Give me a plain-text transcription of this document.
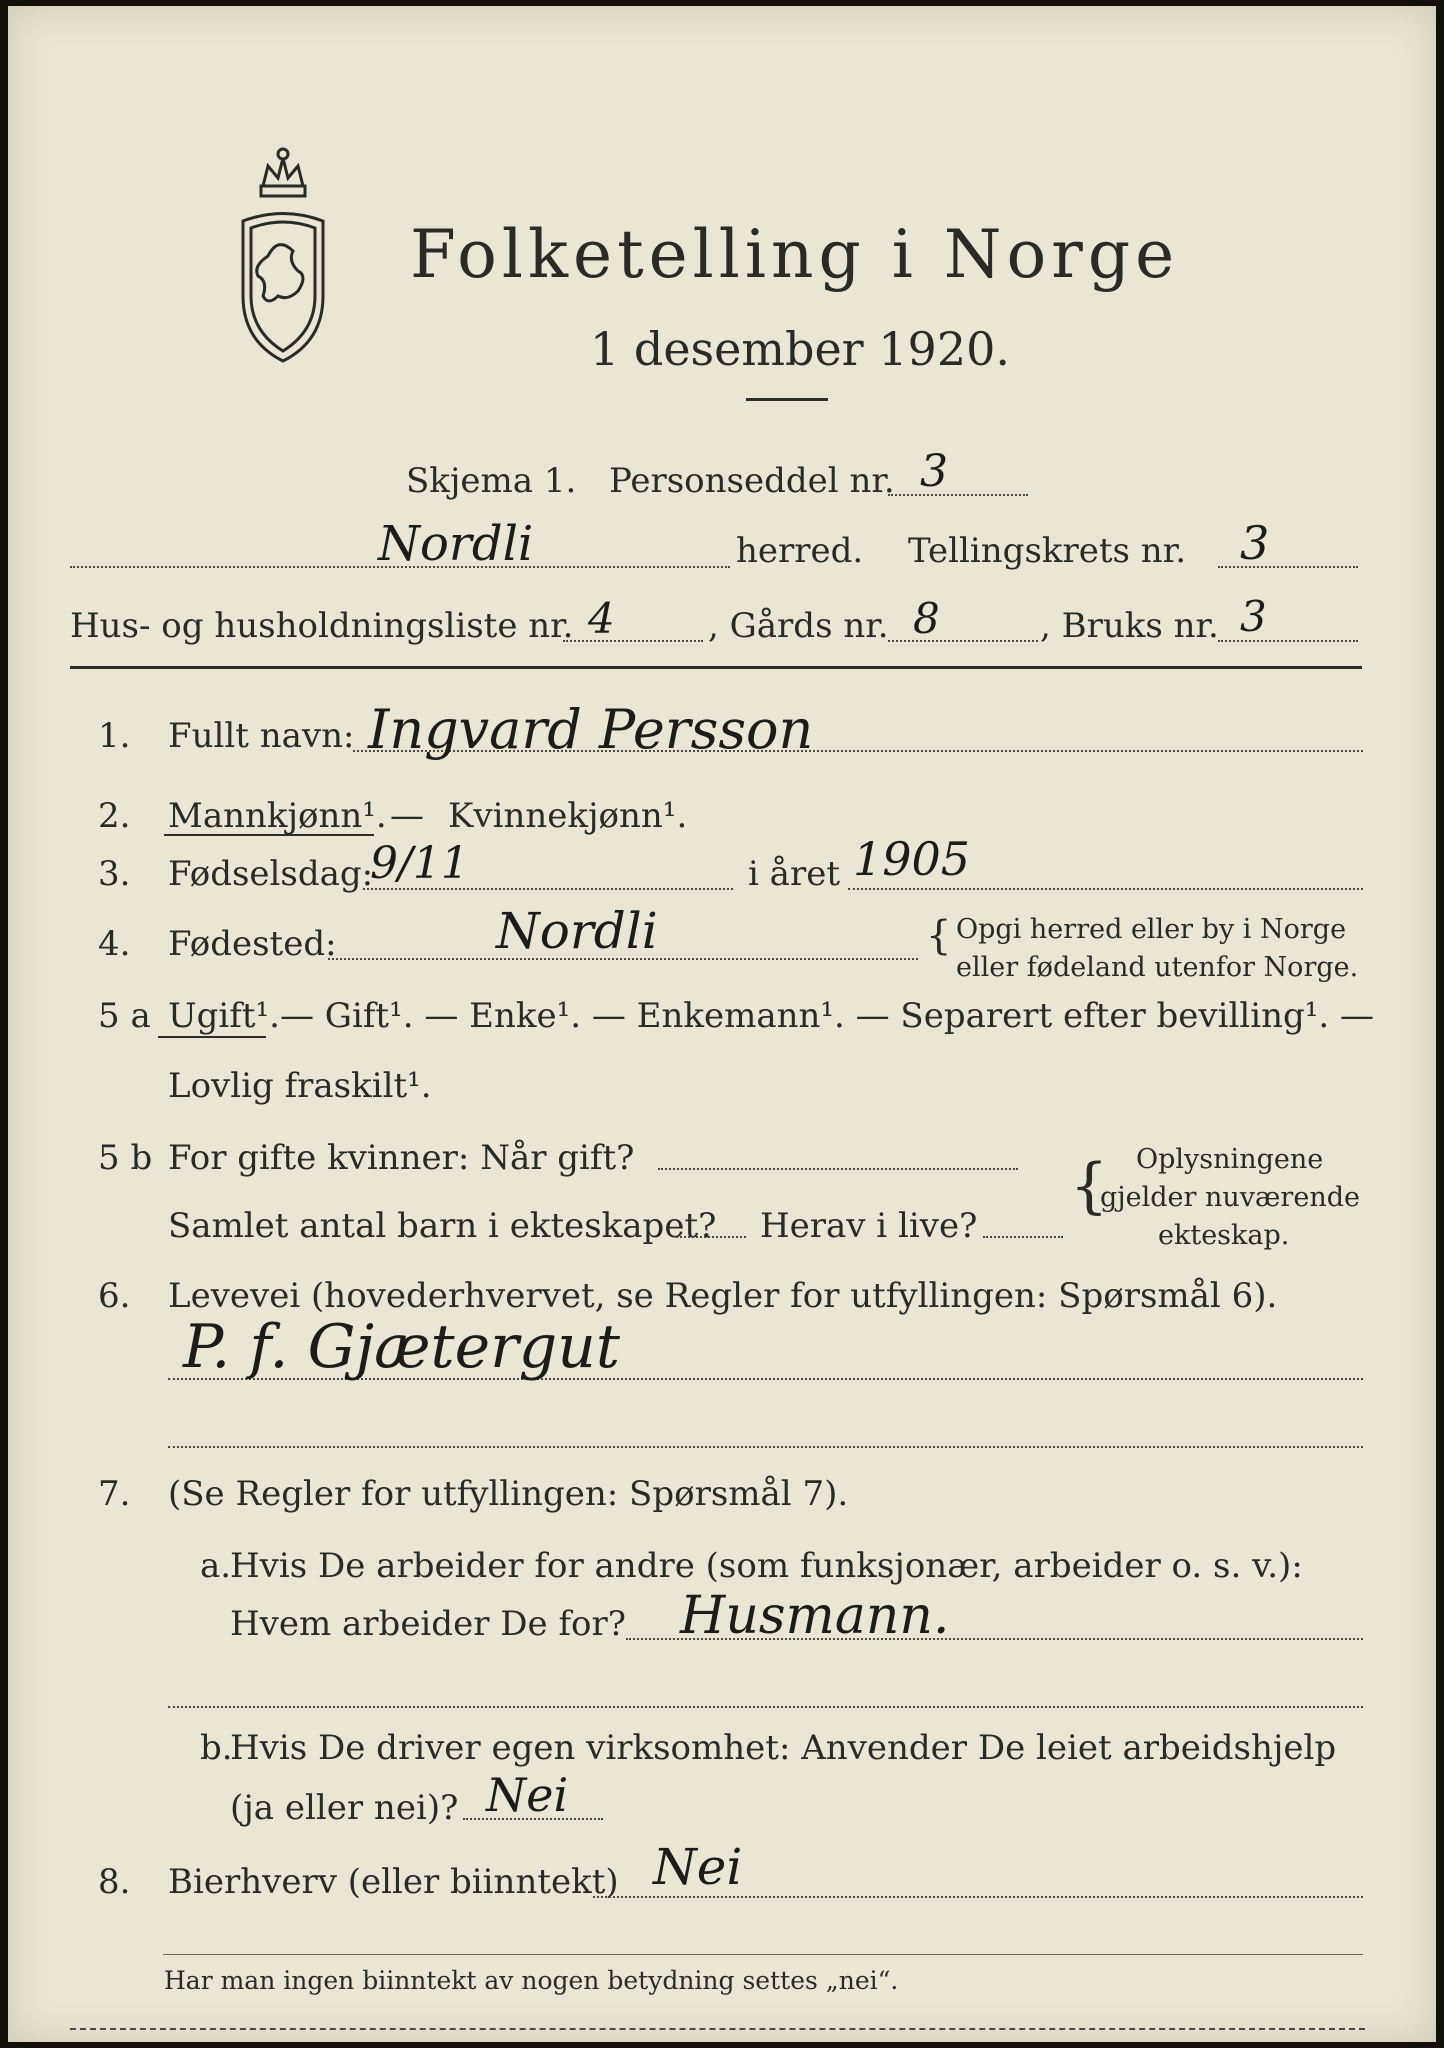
Folketelling i Norge
1 desember 1920.
Skjema 1. Personseddel nr. 3
Nordli	herred. Tellingskrets nr. 3
Hus- og husholdningsliste nr. 4	, Gårds nr. 8	, Bruks nr. 3
1. Fullt navn: Ingvard Persson
2. Mannkjønn¹. — Kvinnekjønn¹.
3. Fødselsdag:
9/11	i året 1905
4. Fødested:	Nordli	{ Opgi herred eller by i Norge
eller fødeland utenfor Norge.
5 a Ugift¹. — Gift¹. — Enke¹. — Enkemann¹. — Separert efter bevilling¹. —
Lovlig fraskilt¹.
5 b For gifte kvinner: Når gift?
Samlet antal barn i ekteskapet? Herav i live?
{ Oplysningene
gjelder nuværende
ekteskap.
6. Levevei (hovederhvervet, se Regler for utfyllingen: Spørsmål 6).
P. f. Gjætergut
7. (Se Regler for utfyllingen: Spørsmål 7).
a.
Hvis De arbeider for andre (som funksjonær, arbeider o. s. v.):
Hvem arbeider De for? Husmann.
b.
Hvis De driver egen virksomhet: Anvender De leiet arbeidshjelp
(ja eller nei)? Nei
8. Bierhverv (eller biinntekt) Nei
Har man ingen biinntekt av nogen betydning settes „nei“.
